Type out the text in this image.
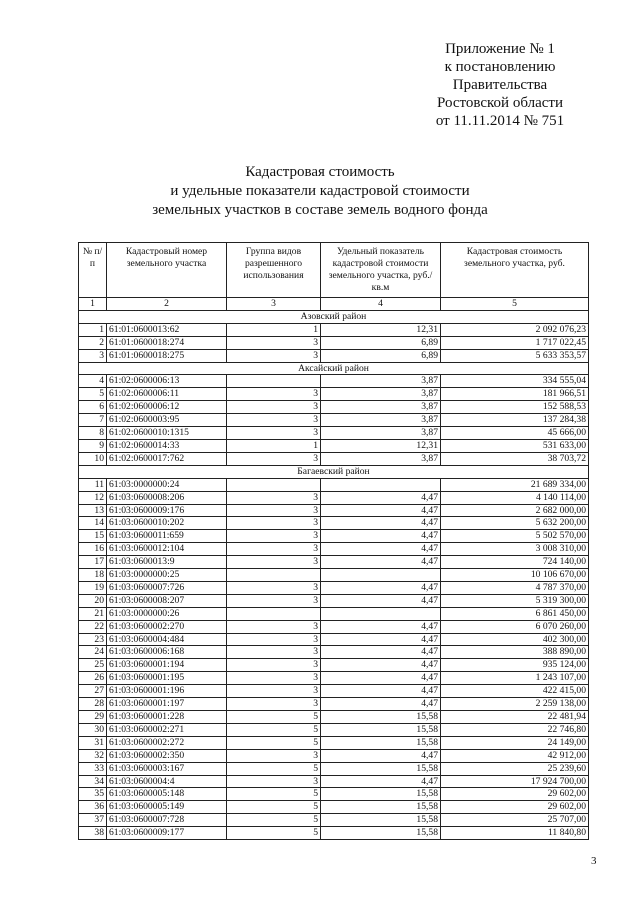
Приложение № 1
к постановлению
Правительства
Ростовской области
от 11.11.2014 № 751
Кадастровая стоимость
и удельные показатели кадастровой стоимости
земельных участков в составе земель водного фонда
№ п/п	Кадастровый номер земельного участка	Группа видов разрешенного использования	Удельный показатель кадастровой стоимости земельного участка, руб./кв.м	Кадастровая стоимость земельного участка, руб.
1	2	3	4	5
Азовский район				
1	61:01:0600013:62	1	12,31	2 092 076,23
2	61:01:0600018:274	3	6,89	1 717 022,45
3	61:01:0600018:275	3	6,89	5 633 353,57
Аксайский район				
4	61:02:0600006:13		3,87	334 555,04
5	61:02:0600006:11	3	3,87	181 966,51
6	61:02:0600006:12	3	3,87	152 588,53
7	61:02:0600003:95	3	3,87	137 284,38
8	61:02:0600010:1315	3	3,87	45 666,00
9	61:02:0600014:33	1	12,31	531 633,00
10	61:02:0600017:762	3	3,87	38 703,72
Багаевский район				
11	61:03:0000000:24			21 689 334,00
12	61:03:0600008:206	3	4,47	4 140 114,00
13	61:03:0600009:176	3	4,47	2 682 000,00
14	61:03:0600010:202	3	4,47	5 632 200,00
15	61:03:0600011:659	3	4,47	5 502 570,00
16	61:03:0600012:104	3	4,47	3 008 310,00
17	61:03:0600013:9	3	4,47	724 140,00
18	61:03:0000000:25			10 106 670,00
19	61:03:0600007:726	3	4,47	4 787 370,00
20	61:03:0600008:207	3	4,47	5 319 300,00
21	61:03:0000000:26			6 861 450,00
22	61:03:0600002:270	3	4,47	6 070 260,00
23	61:03:0600004:484	3	4,47	402 300,00
24	61:03:0600006:168	3	4,47	388 890,00
25	61:03:0600001:194	3	4,47	935 124,00
26	61:03:0600001:195	3	4,47	1 243 107,00
27	61:03:0600001:196	3	4,47	422 415,00
28	61:03:0600001:197	3	4,47	2 259 138,00
29	61:03:0600001:228	5	15,58	22 481,94
30	61:03:0600002:271	5	15,58	22 746,80
31	61:03:0600002:272	5	15,58	24 149,00
32	61:03:0600002:350	3	4,47	42 912,00
33	61:03:0600003:167	5	15,58	25 239,60
34	61:03:0600004:4	3	4,47	17 924 700,00
35	61:03:0600005:148	5	15,58	29 602,00
36	61:03:0600005:149	5	15,58	29 602,00
37	61:03:0600007:728	5	15,58	25 707,00
38	61:03:0600009:177	5	15,58	11 840,80
3
